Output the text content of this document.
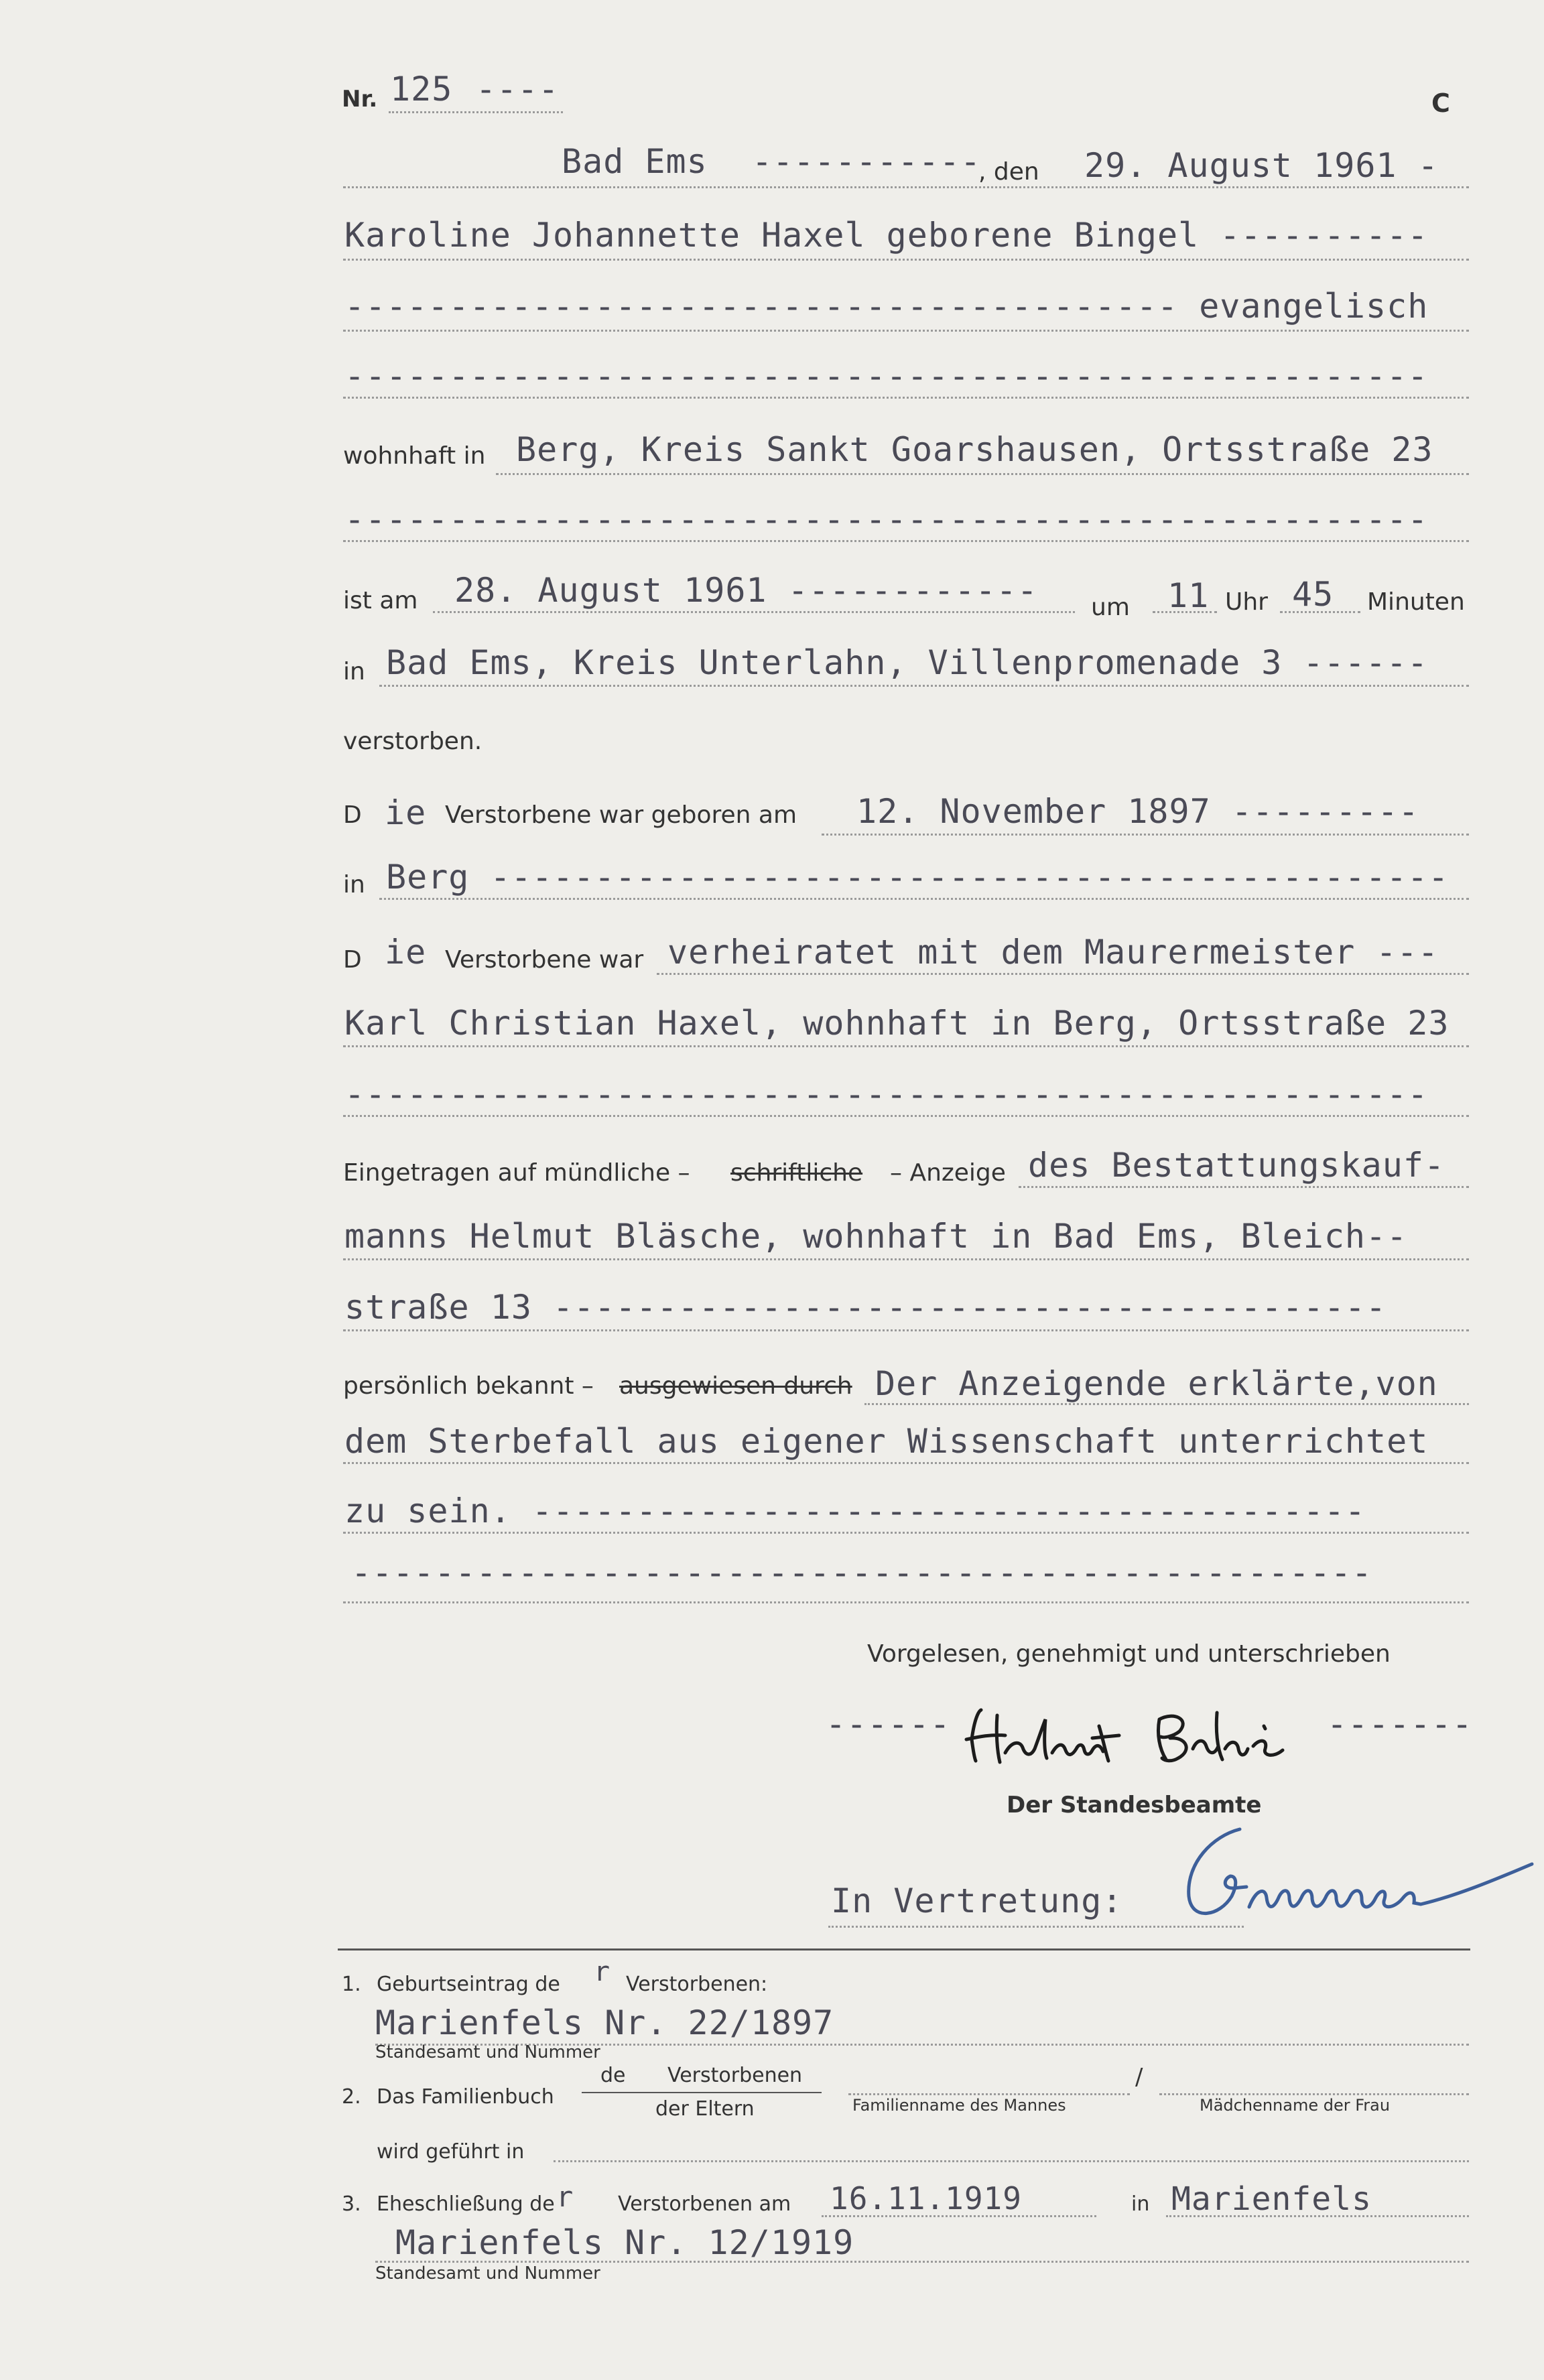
Nr. 125 ----	C
Bad Ems -----------
, den 29. August 1961 -
Karoline Johannette Haxel geborene Bingel ----------
---------------------------------------- evangelisch
----------------------------------------------------
wohnhaft in Berg, Kreis Sankt Goarshausen, Ortsstraße 23
----------------------------------------------------
ist am 28. August 1961 ------------ um 11 Uhr 45 Minuten
in Bad Ems, Kreis Unterlahn, Villenpromenade 3 ------
verstorben.
D ie Verstorbene war geboren am 12. November 1897 ---------
in Berg ----------------------------------------------
D ie Verstorbene war verheiratet mit dem Maurermeister ---
Karl Christian Haxel, wohnhaft in Berg, Ortsstraße 23
----------------------------------------------------
Eingetragen auf mündliche – schriftliche – Anzeige des Bestattungskauf-
manns Helmut Bläsche, wohnhaft in Bad Ems, Bleich--
straße 13 ----------------------------------------
persönlich bekannt – ausgewiesen durch Der Anzeigende erklärte,von
dem Sterbefall aus eigener Wissenschaft unterrichtet
zu sein. ----------------------------------------
-------------------------------------------------
Vorgelesen, genehmigt und unterschrieben
------	-------
Der Standesbeamte
In Vertretung:
1. Geburtseintrag de r Verstorbenen:
Marienfels Nr. 22/1897
Standesamt und Nummer
2. Das Familienbuch
de Verstorbenen
der Eltern	Familienname des Mannes
/
Mädchenname der Frau
wird geführt in
3. Eheschließung de r Verstorbenen am 16.11.1919	in Marienfels
Marienfels Nr. 12/1919
Standesamt und Nummer
